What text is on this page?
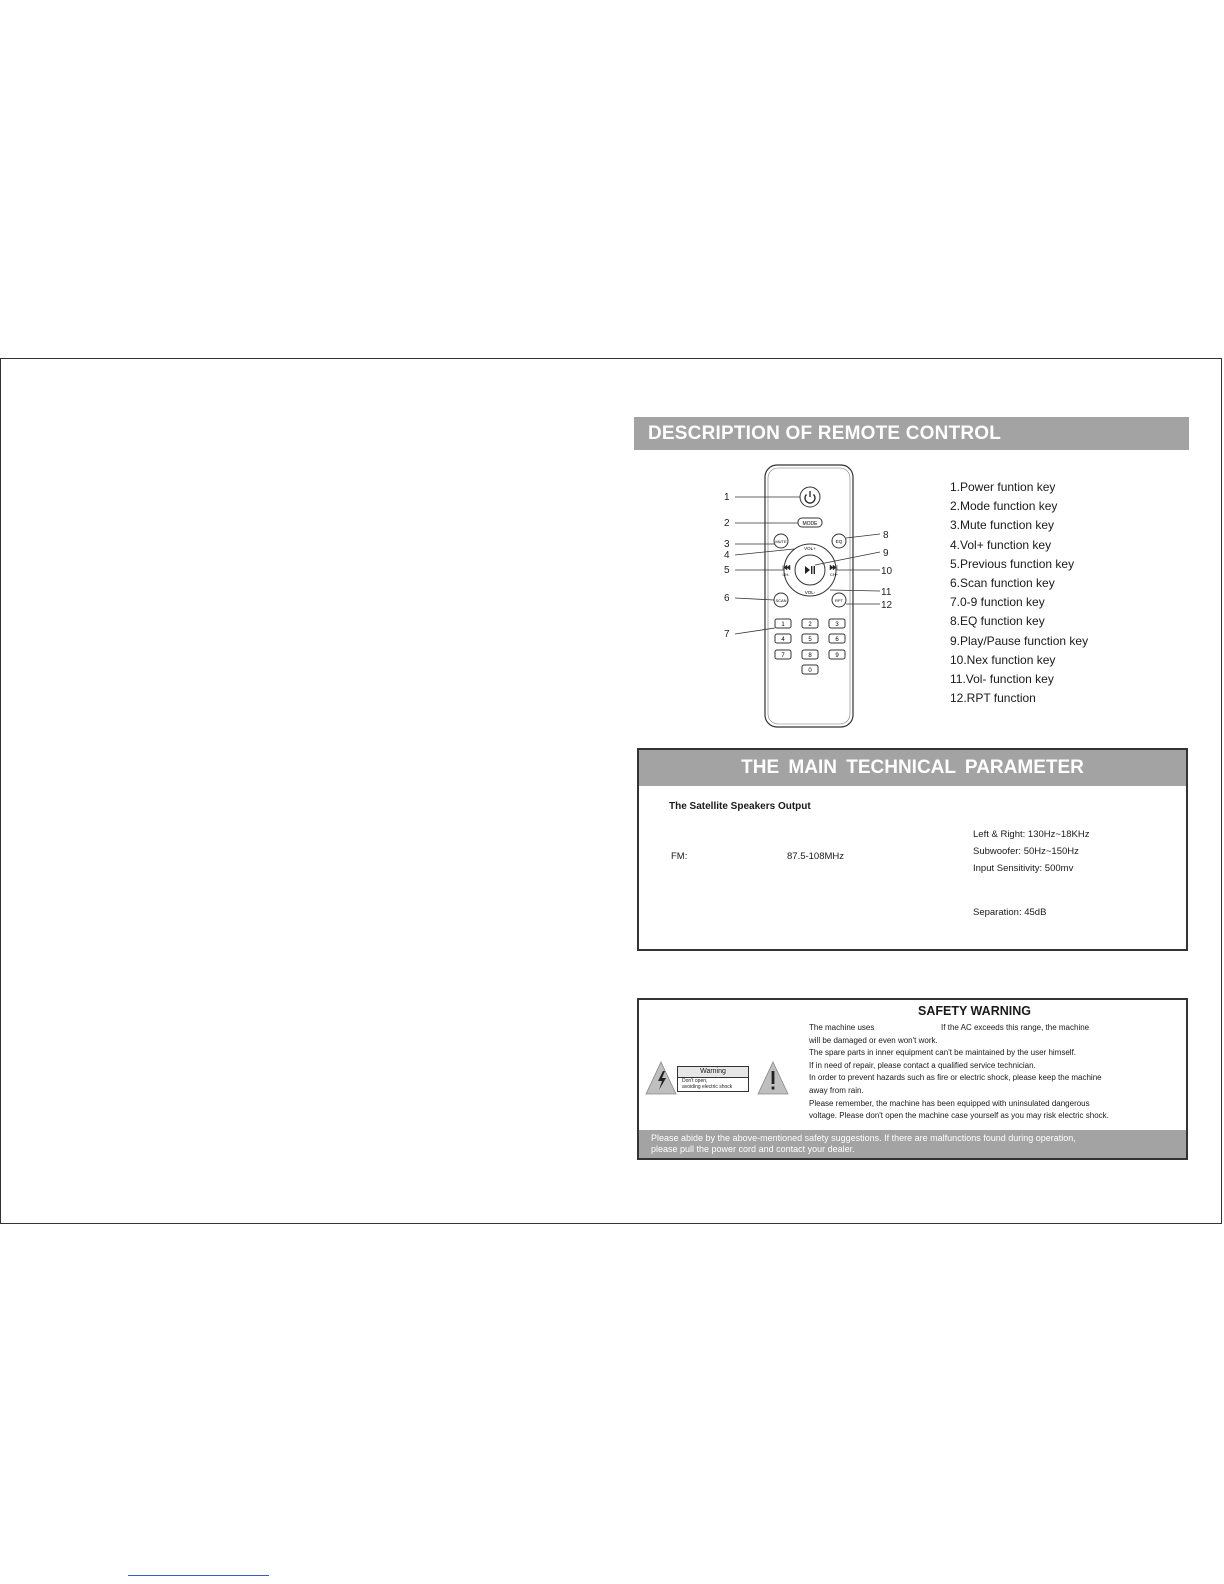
DESCRIPTION OF REMOTE CONTROL
MODE
MUTE	EQ
VOL+
VOL-
CH-	CH+
SCAN	RPT
1	2	3
4	5	6
7	8	9
0
1
2
3
4
5
6
7
8
9
10
11
12
1.Power funtion key
2.Mode function key
3.Mute function key
4.Vol+ function key
5.Previous function key
6.Scan function key
7.0-9 function key
8.EQ function key
9.Play/Pause function key
10.Nex function key
11.Vol- function key
12.RPT function
THE MAIN TECHNICAL PARAMETER
The Satellite Speakers Output
FM:	87.5-108MHz
Left & Right: 130Hz~18KHz
Subwoofer: 50Hz~150Hz
Input Sensitivity: 500mv
Separation: 45dB
SAFETY WARNING
Warning
Don't open,
avoiding electric shock
The machine uses                              If the AC exceeds this range, the machine
will be damaged or even won't work.
The spare parts in inner equipment can't be maintained by the user himself.
If in need of repair, please contact a qualified service technician.
In order to prevent hazards such as fire or electric shock, please keep the machine
away from rain.
Please remember, the machine has been equipped with uninsulated dangerous
voltage. Please don't open the machine case yourself as you may risk electric shock.
Please abide by the above-mentioned safety suggestions. If there are malfunctions found during operation,
please pull the power cord and contact your dealer.
